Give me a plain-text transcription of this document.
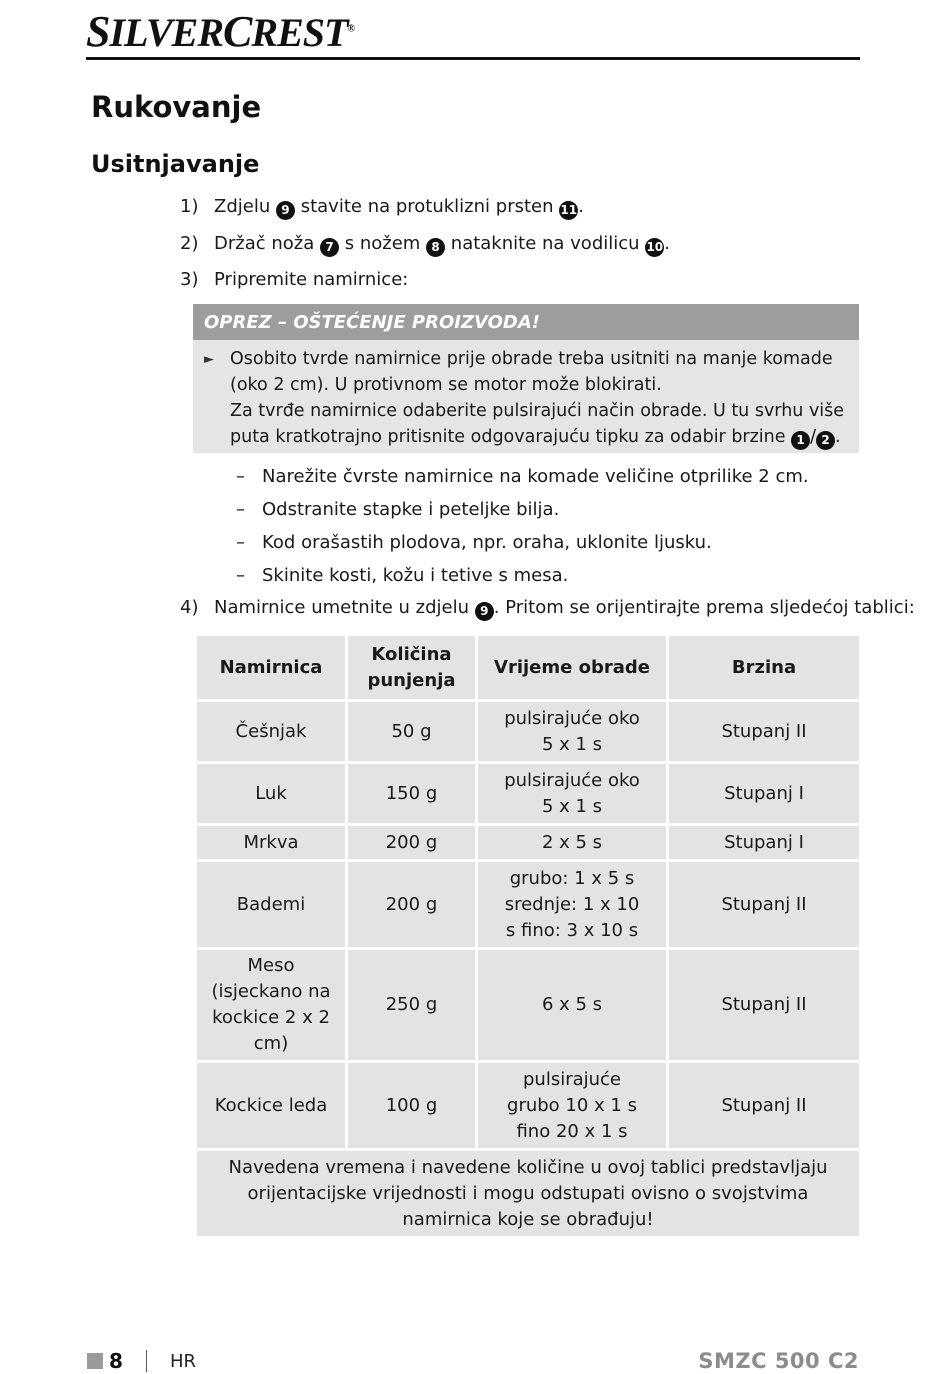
SILVERCREST®
Rukovanje
Usitnjavanje
1) Zdjelu 9 stavite na protuklizni prsten 11.
2) Držač noža 7 s nožem 8 nataknite na vodilicu 10.
3) Pripremite namirnice:
OPREZ – OŠTEĆENJE PROIZVODA!
► Osobito tvrde namirnice prije obrade treba usitniti na manje komade (oko 2 cm). U protivnom se motor može blokirati.
Za tvrđe namirnice odaberite pulsirajući način obrade. U tu svrhu više puta kratkotrajno pritisnite odgovarajuću tipku za odabir brzine 1 / 2 .
– Narežite čvrste namirnice na komade veličine otprilike 2 cm.
– Odstranite stapke i peteljke bilja.
– Kod orašastih plodova, npr. oraha, uklonite ljusku.
– Skinite kosti, kožu i tetive s mesa.
4) Namirnice umetnite u zdjelu 9 . Pritom se orijentirajte prema sljedećoj tablici:
Namirnica	Količina punjenja	Vrijeme obrade	Brzina
Češnjak	50 g	pulsirajuće oko 5 x 1 s	Stupanj II
Luk	150 g	pulsirajuće oko 5 x 1 s	Stupanj I
Mrkva	200 g	2 x 5 s	Stupanj I
Bademi	200 g	grubo: 1 x 5 s srednje: 1 x 10 s fino: 3 x 10 s	Stupanj II
Meso (isjeckano na kockice 2 x 2 cm)	250 g	6 x 5 s	Stupanj II
Kockice leda	100 g	pulsirajuće grubo 10 x 1 s fino 20 x 1 s	Stupanj II
Navedena vremena i navedene količine u ovoj tablici predstavljaju orijentacijske vrijednosti i mogu odstupati ovisno o svojstvima namirnica koje se obrađuju!			
8	HR	SMZC 500 C2
